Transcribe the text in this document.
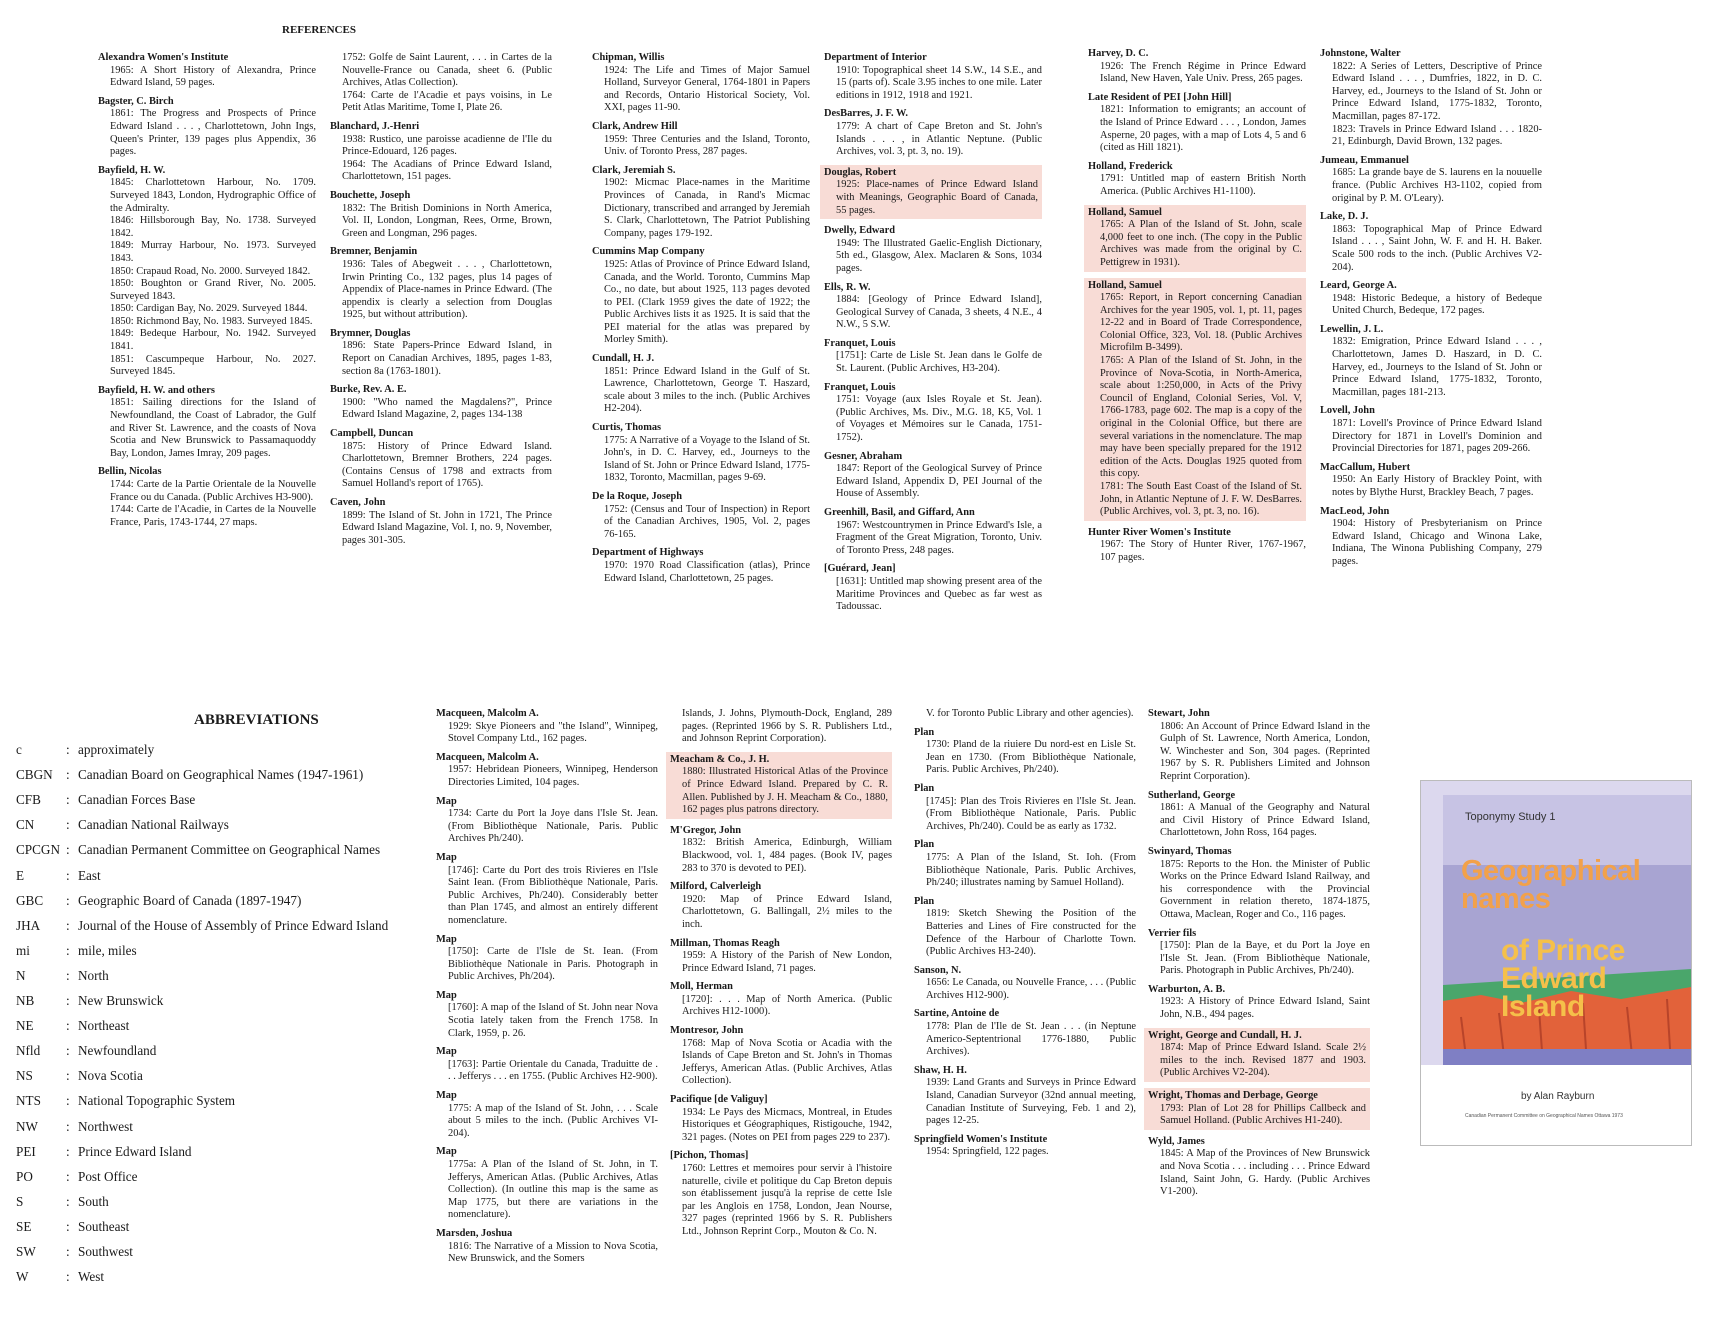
REFERENCES
Alexandra Women's Institute
1965: A Short History of Alexandra, Prince Edward Island, 59 pages.
Bagster, C. Birch
1861: The Progress and Prospects of Prince Edward Island . . . , Charlottetown, John Ings, Queen's Printer, 139 pages plus Appendix, 36 pages.
Bayfield, H. W.
1845: Charlottetown Harbour, No. 1709. Surveyed 1843, London, Hydrographic Office of the Admiralty.
1846: Hillsborough Bay, No. 1738. Surveyed 1842.
1849: Murray Harbour, No. 1973. Surveyed 1843.
1850: Crapaud Road, No. 2000. Surveyed 1842.
1850: Boughton or Grand River, No. 2005. Surveyed 1843.
1850: Cardigan Bay, No. 2029. Surveyed 1844.
1850: Richmond Bay, No. 1983. Surveyed 1845.
1849: Bedeque Harbour, No. 1942. Surveyed 1841.
1851: Cascumpeque Harbour, No. 2027. Surveyed 1845.
Bayfield, H. W. and others
1851: Sailing directions for the Island of Newfoundland, the Coast of Labrador, the Gulf and River St. Lawrence, and the coasts of Nova Scotia and New Brunswick to Passamaquoddy Bay, London, James Imray, 209 pages.
Bellin, Nicolas
1744: Carte de la Partie Orientale de la Nouvelle France ou du Canada. (Public Archives H3-900).
1744: Carte de l'Acadie, in Cartes de la Nouvelle France, Paris, 1743-1744, 27 maps.
1752: Golfe de Saint Laurent, . . . in Cartes de la Nouvelle-France ou Canada, sheet 6. (Public Archives, Atlas Collection).
1764: Carte de l'Acadie et pays voisins, in Le Petit Atlas Maritime, Tome I, Plate 26.
Blanchard, J.-Henri
1938: Rustico, une paroisse acadienne de l'Ile du Prince-Edouard, 126 pages.
1964: The Acadians of Prince Edward Island, Charlottetown, 151 pages.
Bouchette, Joseph
1832: The British Dominions in North America, Vol. II, London, Longman, Rees, Orme, Brown, Green and Longman, 296 pages.
Bremner, Benjamin
1936: Tales of Abegweit . . . , Charlottetown, Irwin Printing Co., 132 pages, plus 14 pages of Appendix of Place-names in Prince Edward. (The appendix is clearly a selection from Douglas 1925, but without attribution).
Brymner, Douglas
1896: State Papers-Prince Edward Island, in Report on Canadian Archives, 1895, pages 1-83, section 8a (1763-1801).
Burke, Rev. A. E.
1900: "Who named the Magdalens?", Prince Edward Island Magazine, 2, pages 134-138
Campbell, Duncan
1875: History of Prince Edward Island. Charlottetown, Bremner Brothers, 224 pages. (Contains Census of 1798 and extracts from Samuel Holland's report of 1765).
Caven, John
1899: The Island of St. John in 1721, The Prince Edward Island Magazine, Vol. I, no. 9, November, pages 301-305.
Chipman, Willis
1924: The Life and Times of Major Samuel Holland, Surveyor General, 1764-1801 in Papers and Records, Ontario Historical Society, Vol. XXI, pages 11-90.
Clark, Andrew Hill
1959: Three Centuries and the Island, Toronto, Univ. of Toronto Press, 287 pages.
Clark, Jeremiah S.
1902: Micmac Place-names in the Maritime Provinces of Canada, in Rand's Micmac Dictionary, transcribed and arranged by Jeremiah S. Clark, Charlottetown, The Patriot Publishing Company, pages 179-192.
Cummins Map Company
1925: Atlas of Province of Prince Edward Island, Canada, and the World. Toronto, Cummins Map Co., no date, but about 1925, 113 pages devoted to PEI. (Clark 1959 gives the date of 1922; the Public Archives lists it as 1925. It is said that the PEI material for the atlas was prepared by Morley Smith).
Cundall, H. J.
1851: Prince Edward Island in the Gulf of St. Lawrence, Charlottetown, George T. Haszard, scale about 3 miles to the inch. (Public Archives H2-204).
Curtis, Thomas
1775: A Narrative of a Voyage to the Island of St. John's, in D. C. Harvey, ed., Journeys to the Island of St. John or Prince Edward Island, 1775-1832, Toronto, Macmillan, pages 9-69.
De la Roque, Joseph
1752: (Census and Tour of Inspection) in Report of the Canadian Archives, 1905, Vol. 2, pages 76-165.
Department of Highways
1970: 1970 Road Classification (atlas), Prince Edward Island, Charlottetown, 25 pages.
Department of Interior
1910: Topographical sheet 14 S.W., 14 S.E., and 15 (parts of). Scale 3.95 inches to one mile. Later editions in 1912, 1918 and 1921.
DesBarres, J. F. W.
1779: A chart of Cape Breton and St. John's Islands . . . , in Atlantic Neptune. (Public Archives, vol. 3, pt. 3, no. 19).
Douglas, Robert
1925: Place-names of Prince Edward Island with Meanings, Geographic Board of Canada, 55 pages.
Dwelly, Edward
1949: The Illustrated Gaelic-English Dictionary, 5th ed., Glasgow, Alex. Maclaren & Sons, 1034 pages.
Ells, R. W.
1884: [Geology of Prince Edward Island], Geological Survey of Canada, 3 sheets, 4 N.E., 4 N.W., 5 S.W.
Franquet, Louis
[1751]: Carte de Lisle St. Jean dans le Golfe de St. Laurent. (Public Archives, H3-204).
Franquet, Louis
1751: Voyage (aux Isles Royale et St. Jean). (Public Archives, Ms. Div., M.G. 18, K5, Vol. 1 of Voyages et Mémoires sur le Canada, 1751-1752).
Gesner, Abraham
1847: Report of the Geological Survey of Prince Edward Island, Appendix D, PEI Journal of the House of Assembly.
Greenhill, Basil, and Giffard, Ann
1967: Westcountrymen in Prince Edward's Isle, a Fragment of the Great Migration, Toronto, Univ. of Toronto Press, 248 pages.
[Guérard, Jean]
[1631]: Untitled map showing present area of the Maritime Provinces and Quebec as far west as Tadoussac.
Harvey, D. C.
1926: The French Régime in Prince Edward Island, New Haven, Yale Univ. Press, 265 pages.
Late Resident of PEI [John Hill]
1821: Information to emigrants; an account of the Island of Prince Edward . . . , London, James Asperne, 20 pages, with a map of Lots 4, 5 and 6 (cited as Hill 1821).
Holland, Frederick
1791: Untitled map of eastern British North America. (Public Archives H1-1100).
Holland, Samuel
1765: A Plan of the Island of St. John, scale 4,000 feet to one inch. (The copy in the Public Archives was made from the original by C. Pettigrew in 1931).
Holland, Samuel
1765: Report, in Report concerning Canadian Archives for the year 1905, vol. 1, pt. 11, pages 12-22 and in Board of Trade Correspondence, Colonial Office, 323, Vol. 18. (Public Archives Microfilm B-3499).
1765: A Plan of the Island of St. John, in the Province of Nova-Scotia, in North-America, scale about 1:250,000, in Acts of the Privy Council of England, Colonial Series, Vol. V, 1766-1783, page 602. The map is a copy of the original in the Colonial Office, but there are several variations in the nomenclature. The map may have been specially prepared for the 1912 edition of the Acts. Douglas 1925 quoted from this copy.
1781: The South East Coast of the Island of St. John, in Atlantic Neptune of J. F. W. DesBarres. (Public Archives, vol. 3, pt. 3, no. 16).
Hunter River Women's Institute
1967: The Story of Hunter River, 1767-1967, 107 pages.
Johnstone, Walter
1822: A Series of Letters, Descriptive of Prince Edward Island . . . , Dumfries, 1822, in D. C. Harvey, ed., Journeys to the Island of St. John or Prince Edward Island, 1775-1832, Toronto, Macmillan, pages 87-172.
1823: Travels in Prince Edward Island . . . 1820-21, Edinburgh, David Brown, 132 pages.
Jumeau, Emmanuel
1685: La grande baye de S. laurens en la nouuelle france. (Public Archives H3-1102, copied from original by P. M. O'Leary).
Lake, D. J.
1863: Topographical Map of Prince Edward Island . . . , Saint John, W. F. and H. H. Baker. Scale 500 rods to the inch. (Public Archives V2-204).
Leard, George A.
1948: Historic Bedeque, a history of Bedeque United Church, Bedeque, 172 pages.
Lewellin, J. L.
1832: Emigration, Prince Edward Island . . . , Charlottetown, James D. Haszard, in D. C. Harvey, ed., Journeys to the Island of St. John or Prince Edward Island, 1775-1832, Toronto, Macmillan, pages 181-213.
Lovell, John
1871: Lovell's Province of Prince Edward Island Directory for 1871 in Lovell's Dominion and Provincial Directories for 1871, pages 209-266.
MacCallum, Hubert
1950: An Early History of Brackley Point, with notes by Blythe Hurst, Brackley Beach, 7 pages.
MacLeod, John
1904: History of Presbyterianism on Prince Edward Island, Chicago and Winona Lake, Indiana, The Winona Publishing Company, 279 pages.
ABBREVIATIONS
c	: approximately
CBGN	: Canadian Board on Geographical Names (1947-1961)
CFB	: Canadian Forces Base
CN	: Canadian National Railways
CPCGN : Canadian Permanent Committee on Geographical Names
E	: East
GBC	: Geographic Board of Canada (1897-1947)
JHA	: Journal of the House of Assembly of Prince Edward Island
mi	: mile, miles
N	: North
NB	: New Brunswick
NE	: Northeast
Nfld	: Newfoundland
NS	: Nova Scotia
NTS	: National Topographic System
NW	: Northwest
PEI	: Prince Edward Island
PO	: Post Office
S	: South
SE	: Southeast
SW	: Southwest
W	: West
Macqueen, Malcolm A.
1929: Skye Pioneers and "the Island", Winnipeg, Stovel Company Ltd., 162 pages.
Macqueen, Malcolm A.
1957: Hebridean Pioneers, Winnipeg, Henderson Directories Limited, 104 pages.
Map
1734: Carte du Port la Joye dans l'Isle St. Jean. (From Bibliothèque Nationale, Paris. Public Archives Ph/240).
Map
[1746]: Carte du Port des trois Rivieres en l'Isle Saint Iean. (From Bibliothèque Nationale, Paris. Public Archives, Ph/240). Considerably better than Plan 1745, and almost an entirely different nomenclature.
Map
[1750]: Carte de l'Isle de St. Iean. (From Bibliothèque Nationale in Paris. Photograph in Public Archives, Ph/204).
Map
[1760]: A map of the Island of St. John near Nova Scotia lately taken from the French 1758. In Clark, 1959, p. 26.
Map
[1763]: Partie Orientale du Canada, Traduitte de . . . Jefferys . . . en 1755. (Public Archives H2-900).
Map
1775: A map of the Island of St. John, . . . Scale about 5 miles to the inch. (Public Archives VI-204).
Map
1775a: A Plan of the Island of St. John, in T. Jefferys, American Atlas. (Public Archives, Atlas Collection). (In outline this map is the same as Map 1775, but there are variations in the nomenclature).
Marsden, Joshua
1816: The Narrative of a Mission to Nova Scotia, New Brunswick, and the Somers
Islands, J. Johns, Plymouth-Dock, England, 289 pages. (Reprinted 1966 by S. R. Publishers Ltd., and Johnson Reprint Corporation).
Meacham & Co., J. H.
1880: Illustrated Historical Atlas of the Province of Prince Edward Island. Prepared by C. R. Allen. Published by J. H. Meacham & Co., 1880, 162 pages plus patrons directory.
M'Gregor, John
1832: British America, Edinburgh, William Blackwood, vol. 1, 484 pages. (Book IV, pages 283 to 370 is devoted to PEI).
Milford, Calverleigh
1920: Map of Prince Edward Island, Charlottetown, G. Ballingall, 2½ miles to the inch.
Millman, Thomas Reagh
1959: A History of the Parish of New London, Prince Edward Island, 71 pages.
Moll, Herman
[1720]: . . . Map of North America. (Public Archives H12-1000).
Montresor, John
1768: Map of Nova Scotia or Acadia with the Islands of Cape Breton and St. John's in Thomas Jefferys, American Atlas. (Public Archives, Atlas Collection).
Pacifique [de Valiguy]
1934: Le Pays des Micmacs, Montreal, in Etudes Historiques et Géographiques, Ristigouche, 1942, 321 pages. (Notes on PEI from pages 229 to 237).
[Pichon, Thomas]
1760: Lettres et memoires pour servir à l'histoire naturelle, civile et politique du Cap Breton depuis son établissement jusqu'à la reprise de cette Isle par les Anglois en 1758, London, Jean Nourse, 327 pages (reprinted 1966 by S. R. Publishers Ltd., Johnson Reprint Corp., Mouton & Co. N.
V. for Toronto Public Library and other agencies).
Plan
1730: Pland de la riuiere Du nord-est en Lisle St. Jean en 1730. (From Bibliothèque Nationale, Paris. Public Archives, Ph/240).
Plan
[1745]: Plan des Trois Rivieres en l'Isle St. Jean. (From Bibliothèque Nationale, Paris. Public Archives, Ph/240). Could be as early as 1732.
Plan
1775: A Plan of the Island, St. Ioh. (From Bibliothèque Nationale, Paris. Public Archives, Ph/240; illustrates naming by Samuel Holland).
Plan
1819: Sketch Shewing the Position of the Batteries and Lines of Fire constructed for the Defence of the Harbour of Charlotte Town. (Public Archives H3-240).
Sanson, N.
1656: Le Canada, ou Nouvelle France, . . . (Public Archives H12-900).
Sartine, Antoine de
1778: Plan de l'Ile de St. Jean . . . (in Neptune Americo-Septentrional 1776-1880, Public Archives).
Shaw, H. H.
1939: Land Grants and Surveys in Prince Edward Island, Canadian Surveyor (32nd annual meeting, Canadian Institute of Surveying, Feb. 1 and 2), pages 12-25.
Springfield Women's Institute
1954: Springfield, 122 pages.
Stewart, John
1806: An Account of Prince Edward Island in the Gulph of St. Lawrence, North America, London, W. Winchester and Son, 304 pages. (Reprinted 1967 by S. R. Publishers Limited and Johnson Reprint Corporation).
Sutherland, George
1861: A Manual of the Geography and Natural and Civil History of Prince Edward Island, Charlottetown, John Ross, 164 pages.
Swinyard, Thomas
1875: Reports to the Hon. the Minister of Public Works on the Prince Edward Island Railway, and his correspondence with the Provincial Government in relation thereto, 1874-1875, Ottawa, Maclean, Roger and Co., 116 pages.
Verrier fils
[1750]: Plan de la Baye, et du Port la Joye en l'Isle St. Jean. (From Bibliothèque Nationale, Paris. Photograph in Public Archives, Ph/240).
Warburton, A. B.
1923: A History of Prince Edward Island, Saint John, N.B., 494 pages.
Wright, George and Cundall, H. J.
1874: Map of Prince Edward Island. Scale 2½ miles to the inch. Revised 1877 and 1903. (Public Archives V2-204).
Wright, Thomas and Derbage, George
1793: Plan of Lot 28 for Phillips Callbeck and Samuel Holland. (Public Archives H1-240).
Wyld, James
1845: A Map of the Provinces of New Brunswick and Nova Scotia . . . including . . . Prince Edward Island, Saint John, G. Hardy. (Public Archives V1-200).
Toponymy Study 1
Geographical names
of Prince Edward Island
by Alan Rayburn
Canadian Permanent Committee on Geographical Names Ottawa 1973
